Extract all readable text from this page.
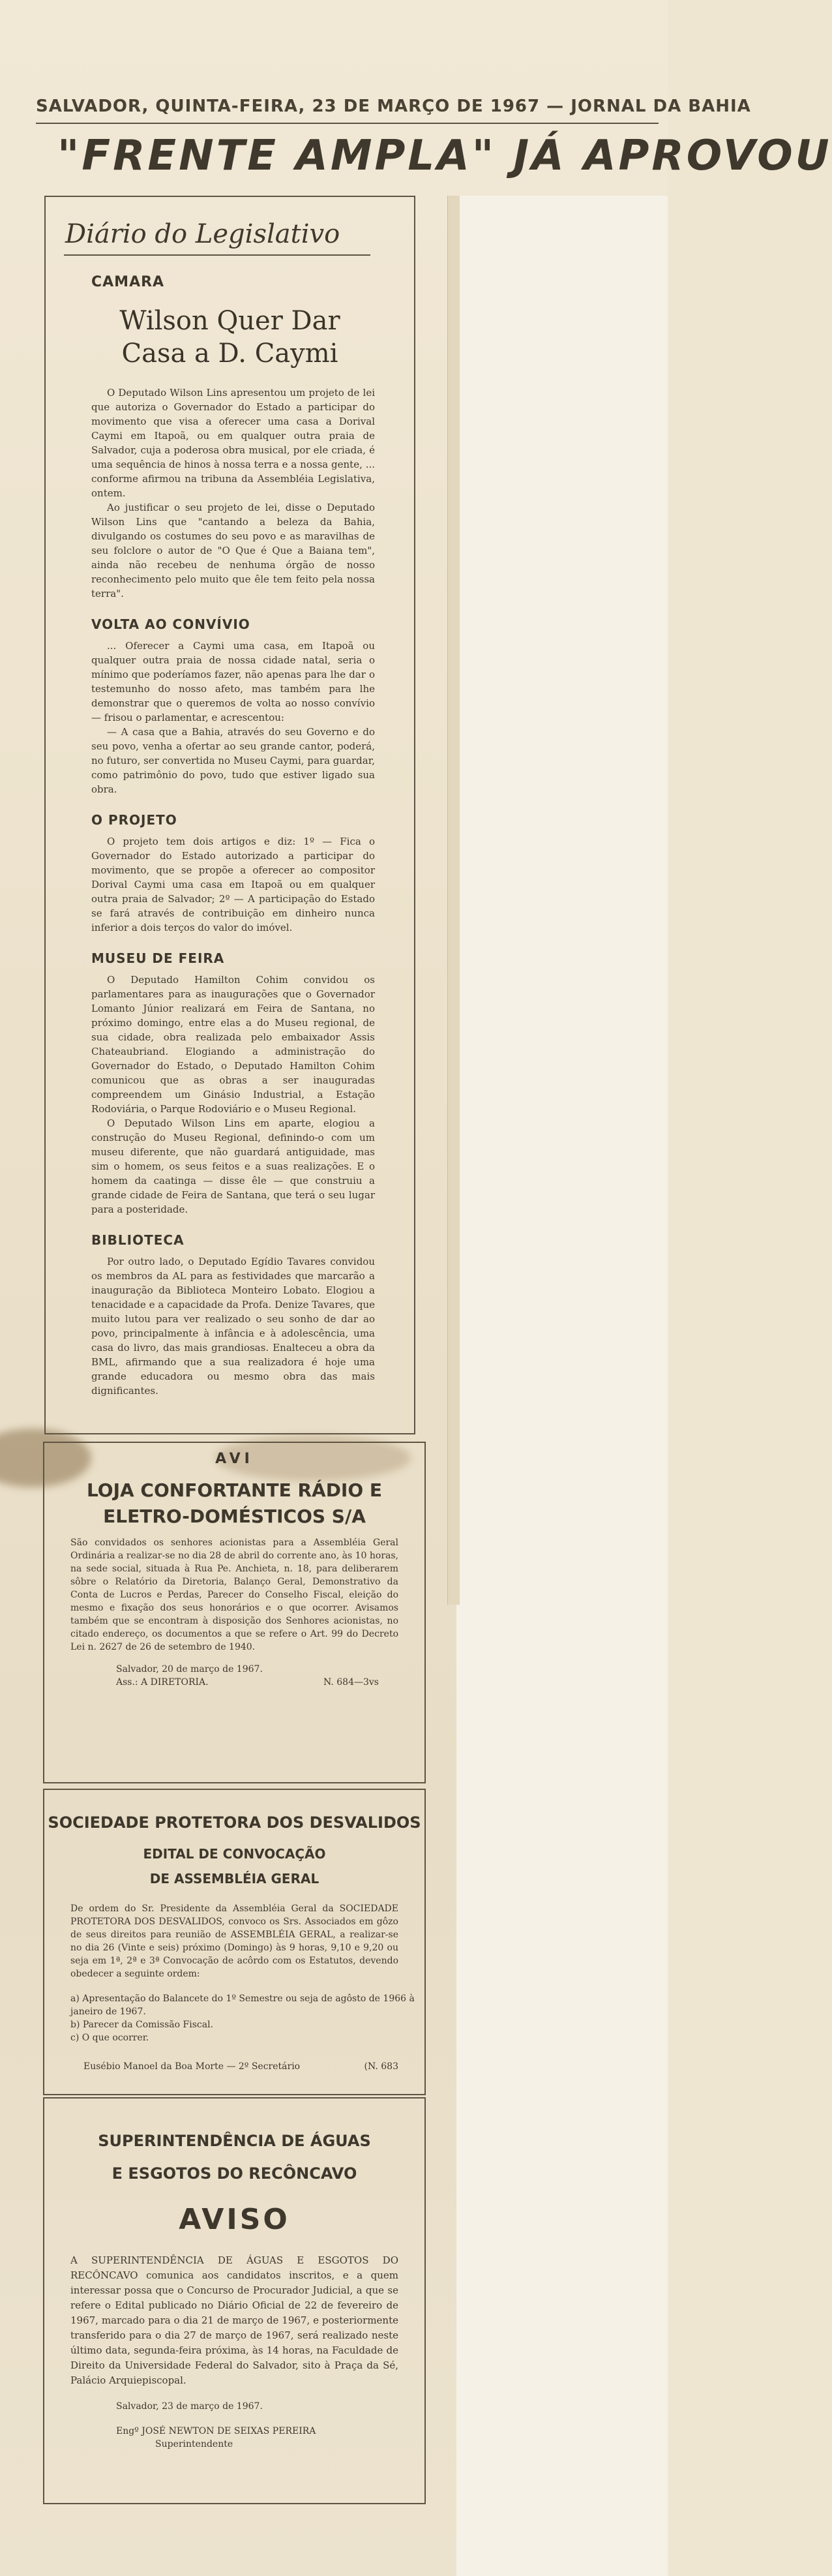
SALVADOR, QUINTA-FEIRA, 23 DE MARÇO DE 1967 — JORNAL DA BAHIA
"FRENTE AMPLA" JÁ APROVOU
Diário do Legislativo
CAMARA
Wilson Quer Dar
Casa a D. Caymi

O Deputado Wilson Lins apresentou um projeto de lei que autoriza o Governador do Estado a participar do movimento que visa a oferecer uma casa a Dorival Caymi em Itapoã, ou em qualquer outra praia de Salvador, cuja a poderosa obra musical, por ele criada, é uma sequência de hinos à nossa terra e a nossa gente, ... conforme afirmou na tribuna da Assembléia Legislativa, ontem.

Ao justificar o seu projeto de lei, disse o Deputado Wilson Lins que "cantando a beleza da Bahia, divulgando os costumes do seu povo e as maravilhas de seu folclore o autor de "O Que é Que a Baiana tem", ainda não recebeu de nenhuma órgão de nosso reconhecimento pelo muito que êle tem feito pela nossa terra".

VOLTA AO CONVÍVIO

... Oferecer a Caymi uma casa, em Itapoã ou qualquer outra praia de nossa cidade natal, seria o mínimo que poderíamos fazer, não apenas para lhe dar o testemunho do nosso afeto, mas também para lhe demonstrar que o queremos de volta ao nosso convívio — frisou o parlamentar, e acrescentou:

— A casa que a Bahia, através do seu Governo e do seu povo, venha a ofertar ao seu grande cantor, poderá, no futuro, ser convertida no Museu Caymi, para guardar, como patrimônio do povo, tudo que estiver ligado sua obra.

O PROJETO

O projeto tem dois artigos e diz: 1º — Fica o Governador do Estado autorizado a participar do movimento, que se propõe a oferecer ao compositor Dorival Caymi uma casa em Itapoã ou em qualquer outra praia de Salvador; 2º — A participação do Estado se fará através de contribuição em dinheiro nunca inferior a dois terços do valor do imóvel.

MUSEU DE FEIRA

O Deputado Hamilton Cohim convidou os parlamentares para as inaugurações que o Governador Lomanto Júnior realizará em Feira de Santana, no próximo domingo, entre elas a do Museu regional, de sua cidade, obra realizada pelo embaixador Assis Chateaubriand. Elogiando a administração do Governador do Estado, o Deputado Hamilton Cohim comunicou que as obras a ser inauguradas compreendem um Ginásio Industrial, a Estação Rodoviária, o Parque Rodoviário e o Museu Regional.

O Deputado Wilson Lins em aparte, elogiou a construção do Museu Regional, definindo-o com um museu diferente, que não guardará antiguidade, mas sim o homem, os seus feitos e a suas realizações. E o homem da caatinga — disse êle — que construiu a grande cidade de Feira de Santana, que terá o seu lugar para a posteridade.

BIBLIOTECA

Por outro lado, o Deputado Egídio Tavares convidou os membros da AL para as festividades que marcarão a inauguração da Biblioteca Monteiro Lobato. Elogiou a tenacidade e a capacidade da Profa. Denize Tavares, que muito lutou para ver realizado o seu sonho de dar ao povo, principalmente à infância e à adolescência, uma casa do livro, das mais grandiosas. Enalteceu a obra da BML, afirmando que a sua realizadora é hoje uma grande educadora ou mesmo obra das mais dignificantes.

AVI
LOJA CONFORTANTE RÁDIO E
ELETRO-DOMÉSTICOS S/A

São convidados os senhores acionistas para a Assembléia Geral Ordinária a realizar-se no dia 28 de abril do corrente ano, às 10 horas, na sede social, situada à Rua Pe. Anchieta, n. 18, para deliberarem sôbre o Relatório da Diretoria, Balanço Geral, Demonstrativo da Conta de Lucros e Perdas, Parecer do Conselho Fiscal, eleição do mesmo e fixação dos seus honorários e o que ocorrer. Avisamos também que se encontram à disposição dos Senhores acionistas, no citado endereço, os documentos a que se refere o Art. 99 do Decreto Lei n. 2627 de 26 de setembro de 1940.

Salvador, 20 de março de 1967.

Ass.: A DIRETORIA.	N. 684—3vs
SOCIEDADE PROTETORA DOS DESVALIDOS
EDITAL DE CONVOCAÇÃO
DE ASSEMBLÉIA GERAL

De ordem do Sr. Presidente da Assembléia Geral da SOCIEDADE PROTETORA DOS DESVALIDOS, convoco os Srs. Associados em gôzo de seus direitos para reunião de ASSEMBLÉIA GERAL, a realizar-se no dia 26 (Vinte e seis) próximo (Domingo) às 9 horas, 9,10 e 9,20 ou seja em 1ª, 2ª e 3ª Convocação de acôrdo com os Estatutos, devendo obedecer a seguinte ordem:

a) Apresentação do Balancete do 1º Semestre ou seja de agôsto de 1966 à janeiro de 1967.
b) Parecer da Comissão Fiscal.
c) O que ocorrer.
Eusébio Manoel da Boa Morte — 2º Secretário	(N. 683
SUPERINTENDÊNCIA DE ÁGUAS
E ESGOTOS DO RECÔNCAVO
AVISO

A SUPERINTENDÊNCIA DE ÁGUAS E ESGOTOS DO RECÔNCAVO comunica aos candidatos inscritos, e a quem interessar possa que o Concurso de Procurador Judicial, a que se refere o Edital publicado no Diário Oficial de 22 de fevereiro de 1967, marcado para o dia 21 de março de 1967, e posteriormente transferido para o dia 27 de março de 1967, será realizado neste último data, segunda-feira próxima, às 14 horas, na Faculdade de Direito da Universidade Federal do Salvador, sito à Praça da Sé, Palácio Arquiepiscopal.

Salvador, 23 de março de 1967.

Engº JOSÉ NEWTON DE SEIXAS PEREIRA

Superintendente
